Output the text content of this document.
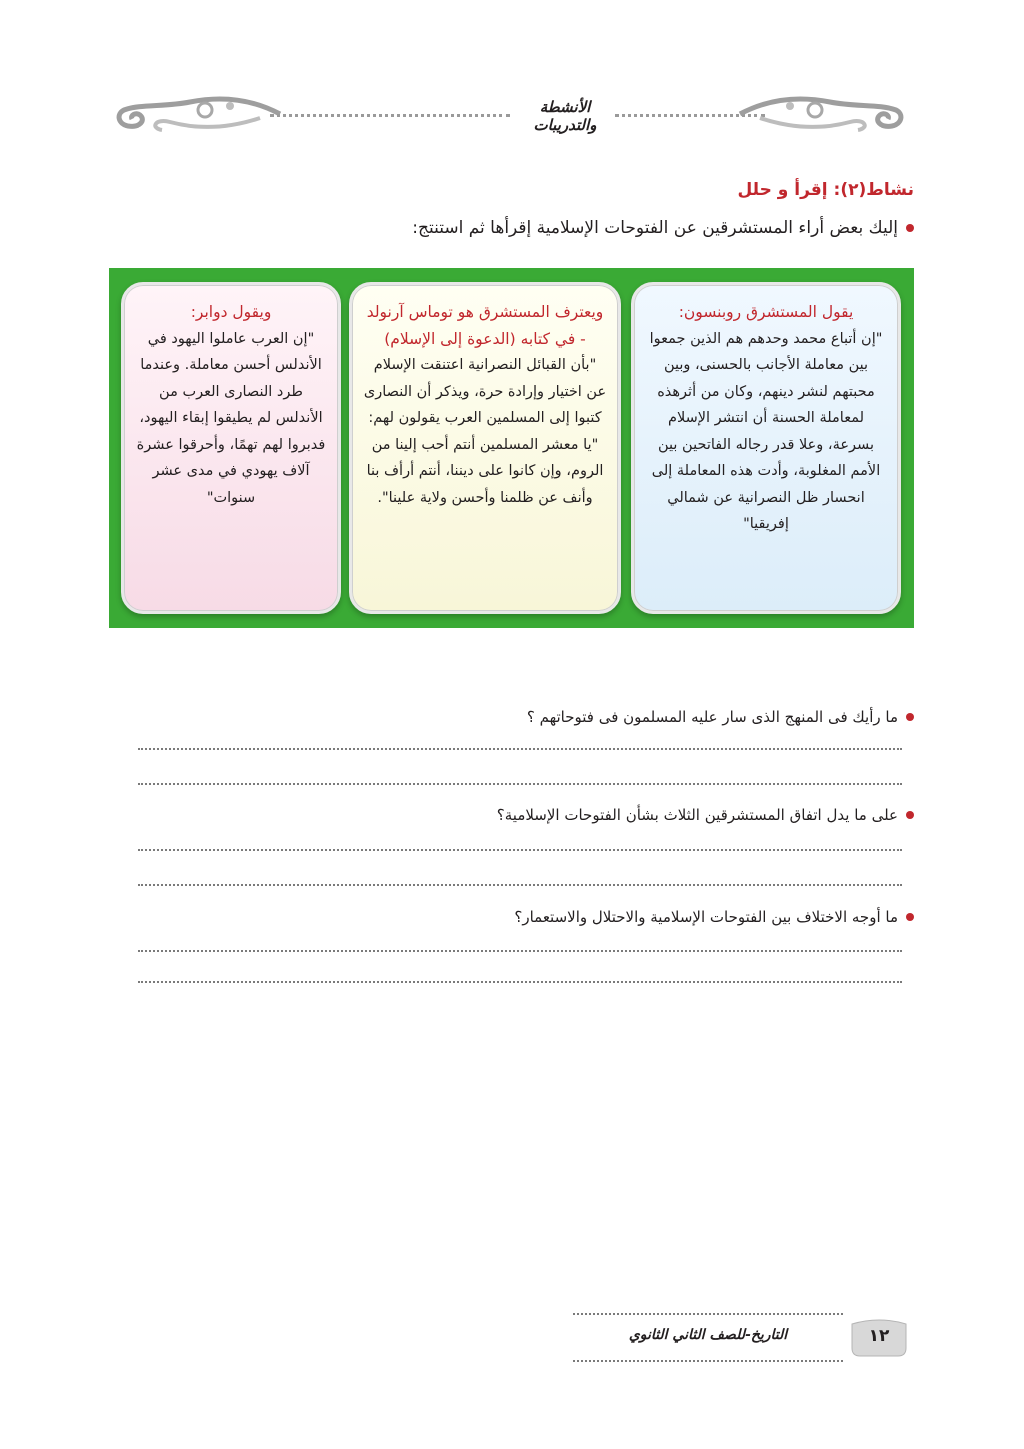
الأنشطة والتدريبات
نشاط(٢): إقرأ و حلل
إليك بعض أراء المستشرقين عن الفتوحات الإسلامية إقرأها ثم استنتج:
يقول المستشرق روبنسون:

"إن أتباع محمد وحدهم هم الذين جمعوا بين معاملة الأجانب بالحسنى، وبين محبتهم لنشر دينهم، وكان من أثرهذه لمعاملة الحسنة أن انتشر الإسلام بسرعة، وعلا قدر رجاله الفاتحين بين الأمم المغلوبة، وأدت هذه المعاملة إلى انحسار ظل النصرانية عن شمالي إفريقيا"

ويعترف المستشرق هو توماس آرنولد - في كتابه (الدعوة إلى الإسلام)

"بأن القبائل النصرانية اعتنقت الإسلام عن اختيار وإرادة حرة، ويذكر أن النصارى كتبوا إلى المسلمين العرب يقولون لهم: "يا معشر المسلمين أنتم أحب إلينا من الروم، وإن كانوا على ديننا، أنتم أرأف بنا وأنف عن ظلمنا وأحسن ولاية علينا".

ويقول دوابر:

"إن العرب عاملوا اليهود في الأندلس أحسن معاملة. وعندما طرد النصارى العرب من الأندلس لم يطيقوا إبقاء اليهود، فدبروا لهم تهمًا، وأحرقوا عشرة آلاف يهودي في مدى عشر سنوات"

ما رأيك فى المنهج الذى سار عليه المسلمون فى فتوحاتهم ؟
على ما يدل اتفاق المستشرقين الثلاث بشأن الفتوحات الإسلامية؟
ما أوجه الاختلاف بين الفتوحات الإسلامية والاحتلال والاستعمار؟
التاريخ-للصف الثاني الثانوي	١٢
